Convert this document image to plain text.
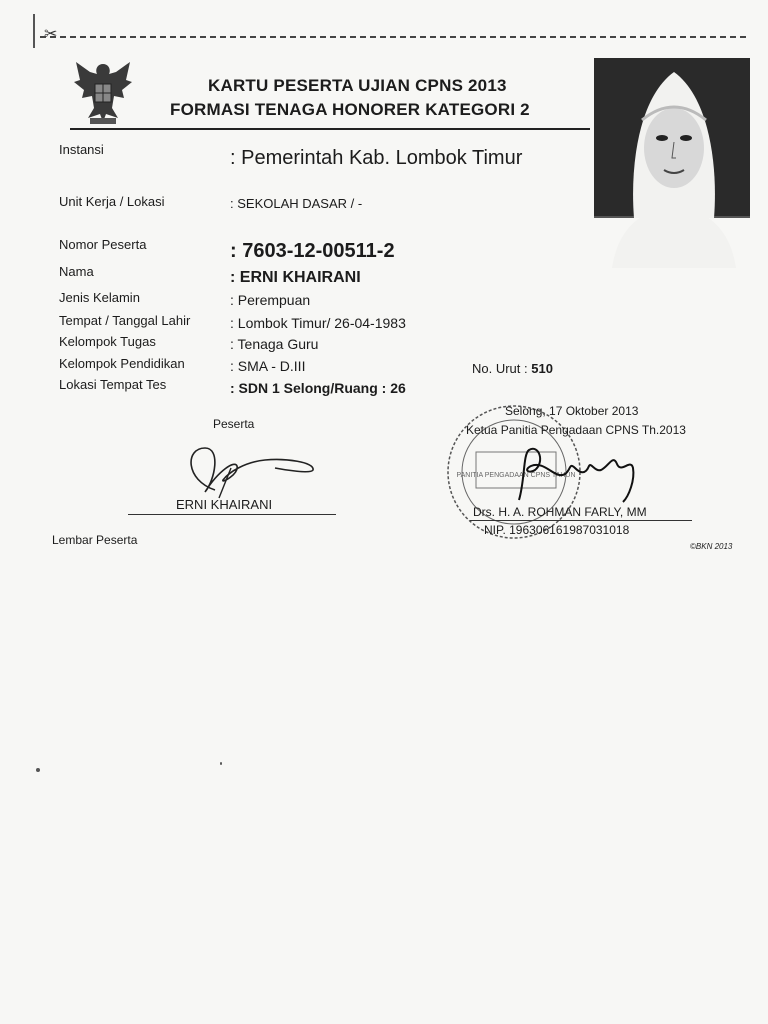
✂
KARTU PESERTA UJIAN CPNS 2013
FORMASI TENAGA HONORER KATEGORI 2
Instansi	: Pemerintah Kab. Lombok Timur
Unit Kerja / Lokasi	: SEKOLAH DASAR / -
Nomor Peserta	: 7603-12-00511-2
Nama	: ERNI KHAIRANI
Jenis Kelamin	: Perempuan
Tempat / Tanggal Lahir	: Lombok Timur/ 26-04-1983
Kelompok Tugas	: Tenaga Guru
Kelompok Pendidikan	: SMA - D.III
Lokasi Tempat Tes	: SDN 1 Selong/Ruang : 26
No. Urut : 510
Peserta
ERNI KHAIRANI
Lembar Peserta
PANITIA PENGADAAN CPNS TAHUN
Selong, 17 Oktober 2013
Ketua Panitia Pengadaan CPNS Th.2013
Drs. H. A. ROHMAN FARLY, MM
NIP. 196306161987031018
©BKN 2013
